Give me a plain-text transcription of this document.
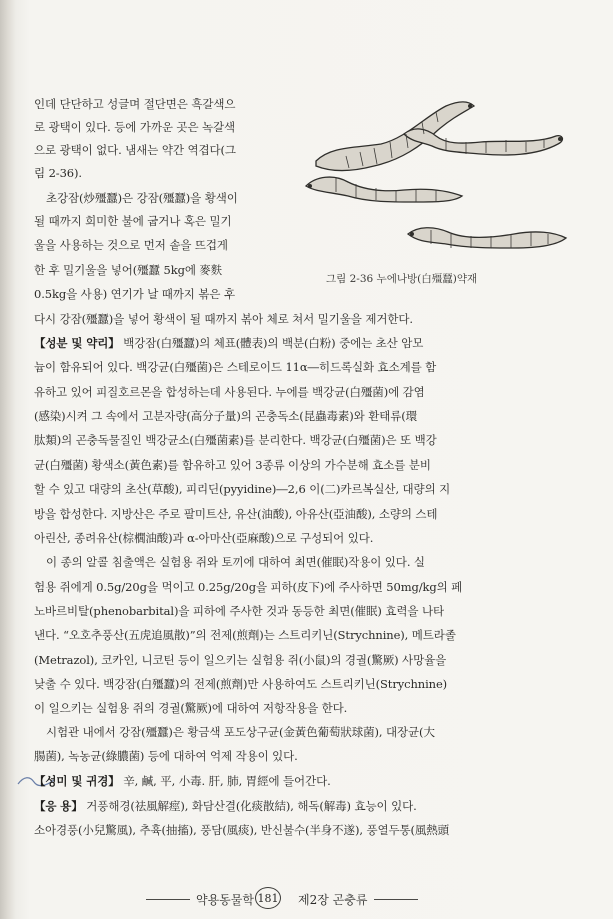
인데 단단하고 성글며 절단면은 흑갈색으

로 광택이 있다. 등에 가까운 곳은 녹갈색

으로 광택이 없다. 냄새는 약간 역겹다(그

림 2-36).

초강잠(炒殭蠶)은 강잠(殭蠶)을 황색이

될 때까지 희미한 불에 굽거나 혹은 밀기

울을 사용하는 것으로 먼저 솥을 뜨겁게

한 후 밀기울을 넣어(殭蠶 5kg에 麥麩

0.5kg을 사용) 연기가 날 때까지 볶은 후

그림 2-36 누에나방(白殭蠶)약재

다시 강잠(殭蠶)을 넣어 황색이 될 때까지 볶아 체로 쳐서 밀기울을 제거한다.

【성분 및 약리】 백강잠(白殭蠶)의 체표(體表)의 백분(白粉) 중에는 초산 암모

늄이 함유되어 있다. 백강균(白殭菌)은 스테로이드 11α―히드록실화 효소계를 함

유하고 있어 피질호르몬을 합성하는데 사용된다. 누에를 백강균(白殭菌)에 감염

(感染)시켜 그 속에서 고분자량(高分子量)의 곤충독소(昆蟲毒素)와 환태류(環

肽類)의 곤충독물질인 백강균소(白殭菌素)를 분리한다. 백강균(白殭菌)은 또 백강

균(白殭菌) 황색소(黃色素)를 함유하고 있어 3종류 이상의 가수분해 효소를 분비

할 수 있고 대량의 초산(草酸), 피리딘(pyyidine)―2,6 이(二)카르복실산, 대량의 지

방을 합성한다. 지방산은 주로 팔미트산, 유산(油酸), 아유산(亞油酸), 소량의 스테

아린산, 종려유산(棕櫚油酸)과 α-아마산(亞麻酸)으로 구성되어 있다.

이 종의 알콜 침출액은 실험용 쥐와 토끼에 대하여 최면(催眠)작용이 있다. 실

험용 쥐에게 0.5g/20g을 먹이고 0.25g/20g을 피하(皮下)에 주사하면 50mg/kg의 페

노바르비탈(phenobarbital)을 피하에 주사한 것과 동등한 최면(催眠) 효력을 나타

낸다. “오호추풍산(五虎追風散)”의 전제(煎劑)는 스트리키닌(Strychnine), 메트라졸

(Metrazol), 코카인, 니코틴 등이 일으키는 실험용 쥐(小鼠)의 경궐(驚厥) 사망율을

낮출 수 있다. 백강잠(白殭蠶)의 전제(煎劑)만 사용하여도 스트리키닌(Strychnine)

이 일으키는 실험용 쥐의 경궐(驚厥)에 대하여 저항작용을 한다.

시험관 내에서 강잠(殭蠶)은 황금색 포도상구균(金黃色葡萄狀球菌), 대장균(大

腸菌), 녹농균(綠膿菌) 등에 대하여 억제 작용이 있다.

【성미 및 귀경】 辛, 鹹, 平, 小毒. 肝, 肺, 胃經에 들어간다.

【응 용】 거풍해경(祛風解痙), 화담산결(化痰散結), 해독(解毒) 효능이 있다.

소아경풍(小兒驚風), 추휵(抽搐), 풍담(風痰), 반신불수(半身不遂), 풍열두통(風熱頭

약용동물학 181 제2장 곤충류
